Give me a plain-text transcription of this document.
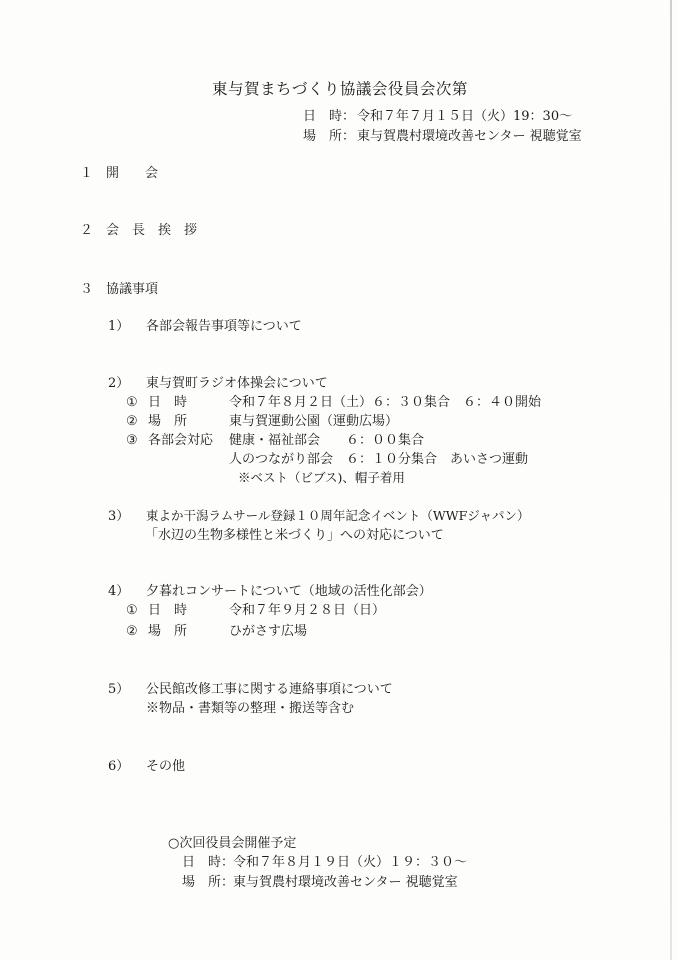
東与賀まちづくり協議会役員会次第
日　時： 令和７年７月１５日（火）19：30～
場　所： 東与賀農村環境改善センター 視聴覚室
１ 開　　会
２ 会　長　挨　拶
３ 協議事項
1） 各部会報告事項等について
2） 東与賀町ラジオ体操会について
① 日　時	令和７年８月２日（土）６：３０集合　６：４０開始
② 場　所	東与賀運動公園（運動広場）
③ 各部会対応 健康・福祉部会　　６：００集合
人のつながり部会　６：１０分集合　あいさつ運動
※ベスト（ビブス)、帽子着用
3） 東よか干潟ラムサール登録１０周年記念イベント（WWFジャパン）
「水辺の生物多様性と米づくり」への対応について
4） 夕暮れコンサートについて（地域の活性化部会）
① 日　時	令和７年９月２８日（日）
② 場　所	ひがさす広場
5） 公民館改修工事に関する連絡事項について
※物品・書類等の整理・搬送等含む
6） その他
○次回役員会開催予定
日　時：
令和７年８月１９日（火）１９：３０～
場　所：
東与賀農村環境改善センター 視聴覚室
